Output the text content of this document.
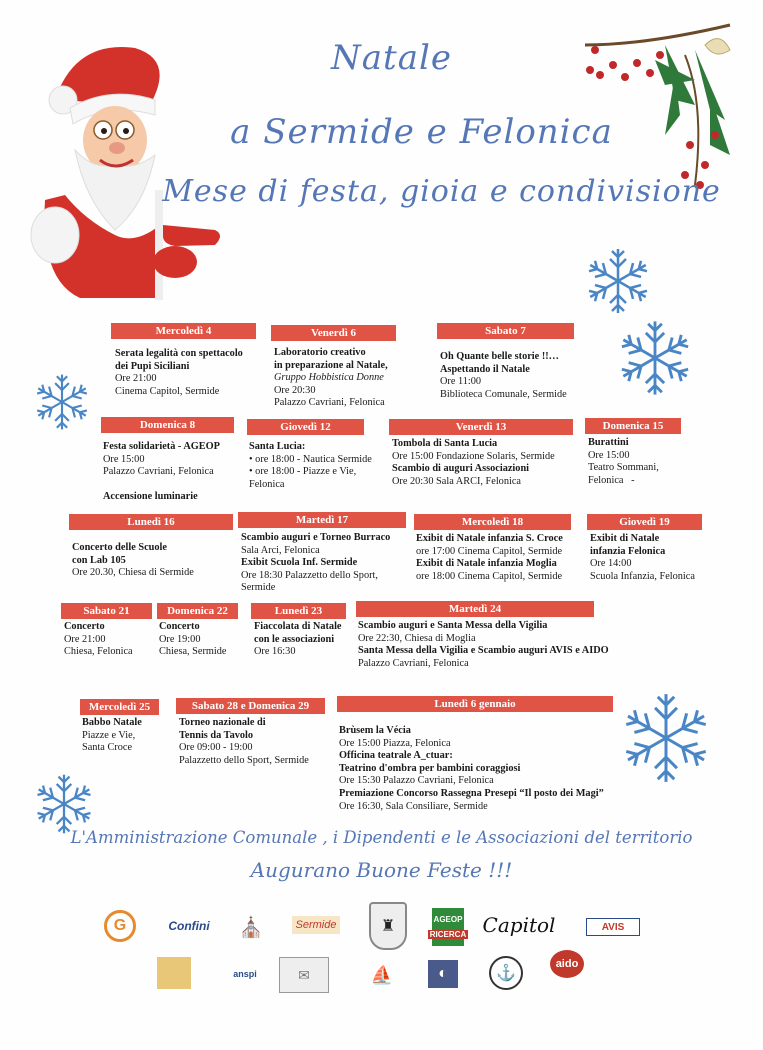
Natale
a Sermide e Felonica
Mese di festa, gioia e condivisione
Mercoledì 4
Serata legalità con spettacolo
dei Pupi Siciliani
Ore 21:00
Cinema Capitol, Sermide
Venerdì 6
Laboratorio creativo
in preparazione al Natale,
Gruppo Hobbistica Donne
Ore 20:30
Palazzo Cavriani, Felonica
Sabato 7
Oh Quante belle storie !!…
Aspettando il Natale
Ore 11:00
Biblioteca Comunale, Sermide
Domenica 8
Festa solidarietà - AGEOP
Ore 15:00
Palazzo Cavriani, Felonica

Accensione luminarie
Giovedì 12
Santa Lucia:
• ore 18:00 - Nautica Sermide
• ore 18:00 - Piazze e Vie,
Felonica
Venerdì 13
Tombola di Santa Lucia
Ore 15:00 Fondazione Solaris, Sermide
Scambio di auguri Associazioni
Ore 20:30 Sala ARCI, Felonica
Domenica 15
Burattini
Ore 15:00
Teatro Sommani,
Felonica   -
Lunedì 16
Concerto delle Scuole
con Lab 105
Ore 20.30, Chiesa di Sermide
Martedì 17
Scambio auguri e Torneo Burraco
Sala Arci, Felonica
Exibit Scuola Inf. Sermide
Ore 18:30 Palazzetto dello Sport,
Sermide
Mercoledì 18
Exibit di Natale infanzia S. Croce
ore 17:00 Cinema Capitol, Sermide
Exibit di Natale infanzia Moglia
ore 18:00 Cinema Capitol, Sermide
Giovedì 19
Exibit di Natale
infanzia Felonica
Ore 14:00
Scuola Infanzia, Felonica
Sabato 21
Concerto
Ore 21:00
Chiesa, Felonica
Domenica 22
Concerto
Ore 19:00
Chiesa, Sermide
Lunedì 23
Fiaccolata di Natale
con le associazioni
Ore 16:30
Martedì 24
Scambio auguri e Santa Messa della Vigilia
Ore 22:30, Chiesa di Moglia
Santa Messa della Vigilia e Scambio auguri AVIS e AIDO
Palazzo Cavriani, Felonica
Mercoledì 25
Babbo Natale
Piazze e Vie,
Santa Croce
Sabato 28 e Domenica 29
Torneo nazionale di
Tennis da Tavolo
Ore 09:00 - 19:00
Palazzetto dello Sport, Sermide
Lunedì 6 gennaio
Brùsem la Vécia
Ore 15:00 Piazza, Felonica
Officina teatrale A_ctuar:
Teatrino d'ombra per bambini coraggiosi
Ore 15:30 Palazzo Cavriani, Felonica
Premiazione Concorso Rassegna Presepi “Il posto dei Magi”
Ore 16:30, Sala Consiliare, Sermide
L'Amministrazione Comunale , i Dipendenti e le Associazioni del territorio
Augurano Buone Feste !!!
G	Confini	⛪	Sermide	♜	AGEOP
RICERCA Capitol	AVIS
anspi	✉	⛵	◐	⚓
aido
